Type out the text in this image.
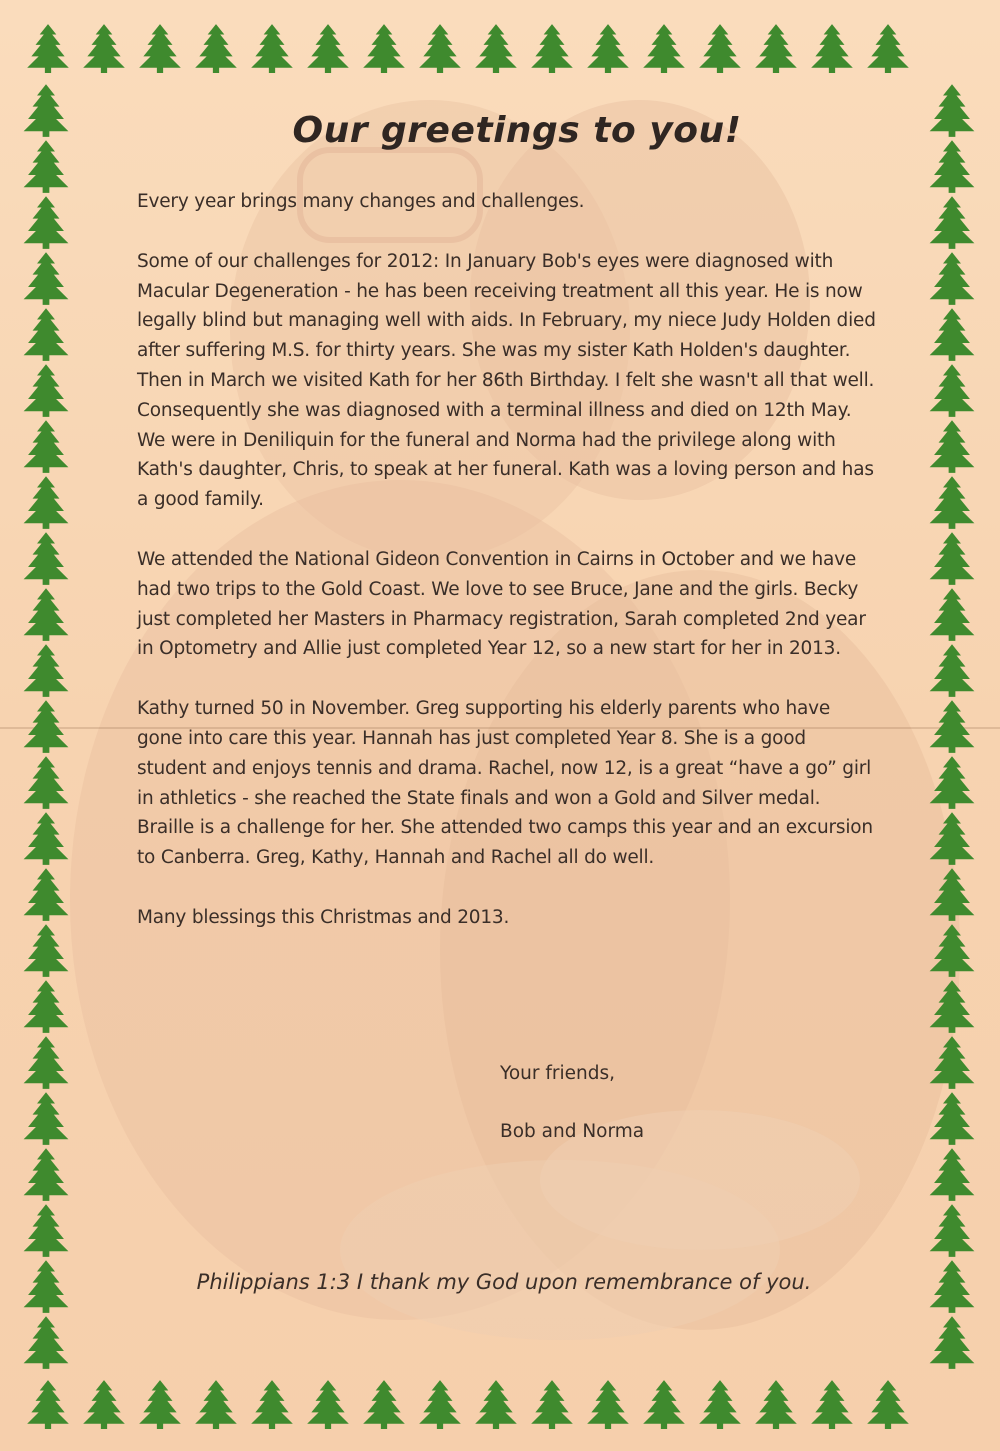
Our greetings to you!

Every year brings many changes and challenges.

Some of our challenges for 2012: In January Bob's eyes were diagnosed with Macular Degeneration - he has been receiving treatment all this year. He is now legally blind but managing well with aids. In February, my niece Judy Holden died after suffering M.S. for thirty years. She was my sister Kath Holden's daughter. Then in March we visited Kath for her 86th Birthday. I felt she wasn't all that well. Consequently she was diagnosed with a terminal illness and died on 12th May. We were in Deniliquin for the funeral and Norma had the privilege along with Kath's daughter, Chris, to speak at her funeral. Kath was a loving person and has a good family.

We attended the National Gideon Convention in Cairns in October and we have had two trips to the Gold Coast. We love to see Bruce, Jane and the girls. Becky just completed her Masters in Pharmacy registration, Sarah completed 2nd year in Optometry and Allie just completed Year 12, so a new start for her in 2013.

Kathy turned 50 in November. Greg supporting his elderly parents who have gone into care this year. Hannah has just completed Year 8. She is a good student and enjoys tennis and drama. Rachel, now 12, is a great “have a go” girl in athletics - she reached the State finals and won a Gold and Silver medal. Braille is a challenge for her. She attended two camps this year and an excursion to Canberra. Greg, Kathy, Hannah and Rachel all do well.

Many blessings this Christmas and 2013.

Your friends,
Bob and Norma
Philippians 1:3 I thank my God upon remembrance of you.
